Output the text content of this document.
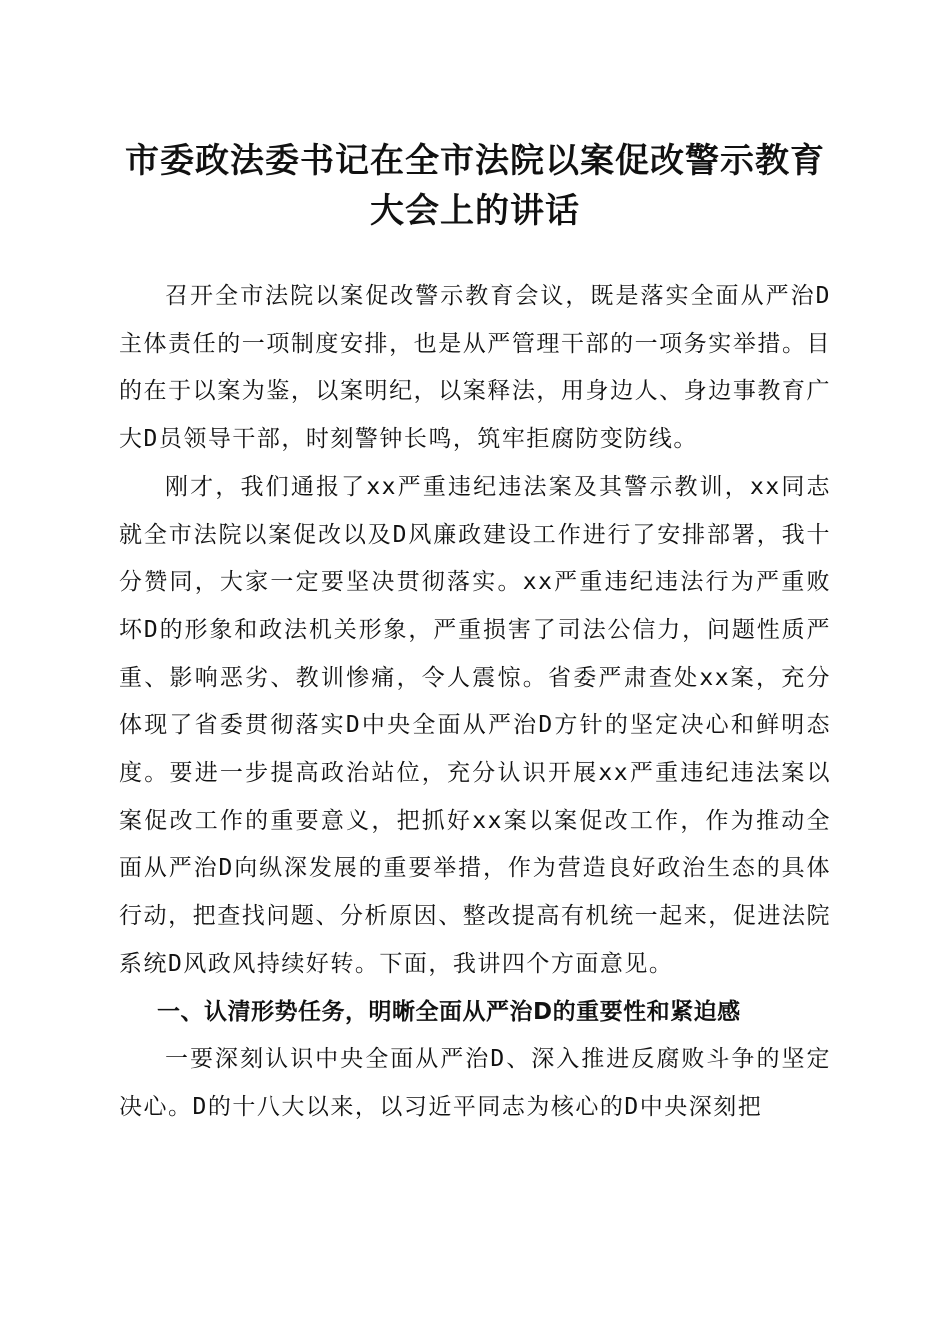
市委政法委书记在全市法院以案促改警示教育
大会上的讲话

召开全市法院以案促改警示教育会议，既是落实全面从严治D主体责任的一项制度安排，也是从严管理干部的一项务实举措。目的在于以案为鉴，以案明纪，以案释法，用身边人、身边事教育广大D员领导干部，时刻警钟长鸣，筑牢拒腐防变防线。

刚才，我们通报了xx严重违纪违法案及其警示教训，xx同志就全市法院以案促改以及D风廉政建设工作进行了安排部署，我十分赞同，大家一定要坚决贯彻落实。xx严重违纪违法行为严重败坏D的形象和政法机关形象，严重损害了司法公信力，问题性质严重、影响恶劣、教训惨痛，令人震惊。省委严肃查处xx案，充分体现了省委贯彻落实D中央全面从严治D方针的坚定决心和鲜明态度。要进一步提高政治站位，充分认识开展xx严重违纪违法案以案促改工作的重要意义，把抓好xx案以案促改工作，作为推动全面从严治D向纵深发展的重要举措，作为营造良好政治生态的具体行动，把查找问题、分析原因、整改提高有机统一起来，促进法院系统D风政风持续好转。下面，我讲四个方面意见。

一、认清形势任务，明晰全面从严治D的重要性和紧迫感

一要深刻认识中央全面从严治D、深入推进反腐败斗争的坚定决心。D的十八大以来，以习近平同志为核心的D中央深刻把
